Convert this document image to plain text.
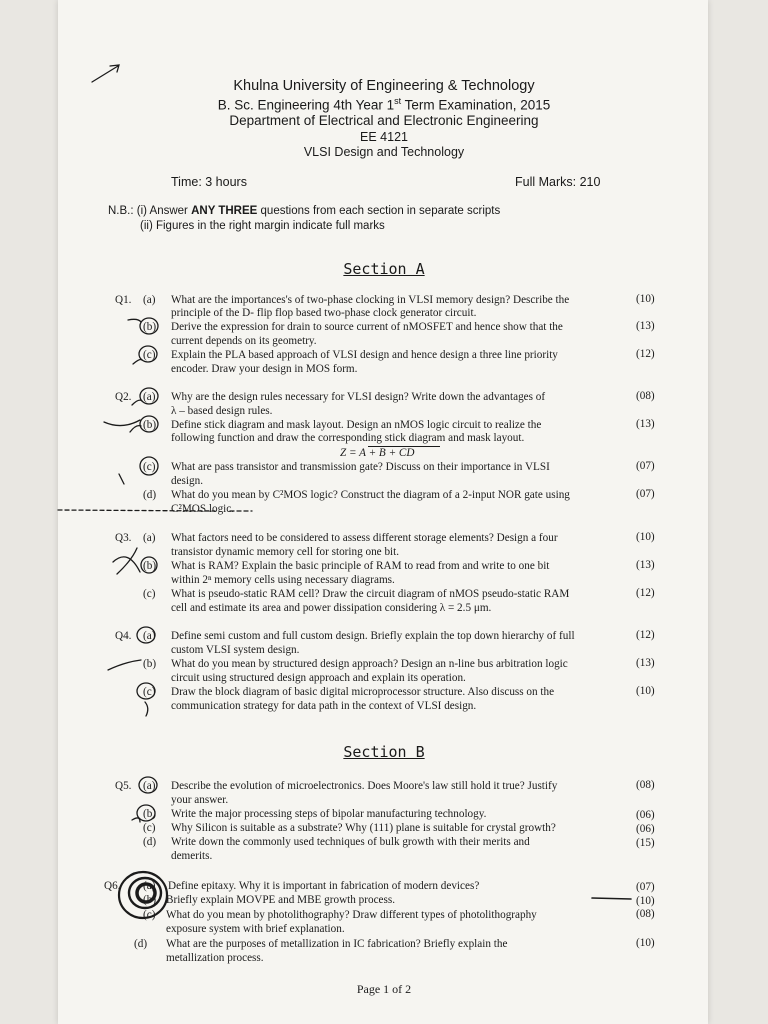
Khulna University of Engineering & Technology
B. Sc. Engineering 4th Year 1st Term Examination, 2015
Department of Electrical and Electronic Engineering
EE 4121
VLSI Design and Technology
Time: 3 hours	Full Marks: 210
N.B.: (i) Answer ANY THREE questions from each section in separate scripts
(ii) Figures in the right margin indicate full marks
Section A
Q1. (a) What are the importances's of two-phase clocking in VLSI memory design? Describe the
principle of the D- flip flop based two-phase clock generator circuit.
(10)
(b) Derive the expression for drain to source current of nMOSFET and hence show that the
current depends on its geometry.
(13)
(c) Explain the PLA based approach of VLSI design and hence design a three line priority
encoder. Draw your design in MOS form.
(12)
Q2. (a) Why are the design rules necessary for VLSI design? Write down the advantages of
λ – based design rules.
(08)
(b) Define stick diagram and mask layout. Design an nMOS logic circuit to realize the
following function and draw the corresponding stick diagram and mask layout.
(13)
Z = A + B + CD
(c) What are pass transistor and transmission gate? Discuss on their importance in VLSI
design.
(07)
(d) What do you mean by C²MOS logic? Construct the diagram of a 2-input NOR gate using
C²MOS logic.
(07)
Q3. (a) What factors need to be considered to assess different storage elements? Design a four
transistor dynamic memory cell for storing one bit.
(10)
(b) What is RAM? Explain the basic principle of RAM to read from and write to one bit
within 2ⁿ memory cells using necessary diagrams.
(13)
(c) What is pseudo-static RAM cell? Draw the circuit diagram of nMOS pseudo-static RAM
cell and estimate its area and power dissipation considering λ = 2.5 μm.
(12)
Q4. (a) Define semi custom and full custom design. Briefly explain the top down hierarchy of full
custom VLSI system design.
(12)
(b) What do you mean by structured design approach? Design an n-line bus arbitration logic
circuit using structured design approach and explain its operation.
(13)
(c) Draw the block diagram of basic digital microprocessor structure. Also discuss on the
communication strategy for data path in the context of VLSI design.
(10)
Section B
Q5. (a) Describe the evolution of microelectronics. Does Moore's law still hold it true? Justify
your answer.
(08)
(b) Write the major processing steps of bipolar manufacturing technology.	(06)
(c) Why Silicon is suitable as a substrate? Why (111) plane is suitable for crystal growth?	(06)
(d) Write down the commonly used techniques of bulk growth with their merits and
demerits.
(15)
Q6. (a) Define epitaxy. Why it is important in fabrication of modern devices?	(07)
(b) Briefly explain MOVPE and MBE growth process.	(10)
(c) What do you mean by photolithography? Draw different types of photolithography
exposure system with brief explanation.
(08)
(d) What are the purposes of metallization in IC fabrication? Briefly explain the
metallization process.
(10)
Page 1 of 2
